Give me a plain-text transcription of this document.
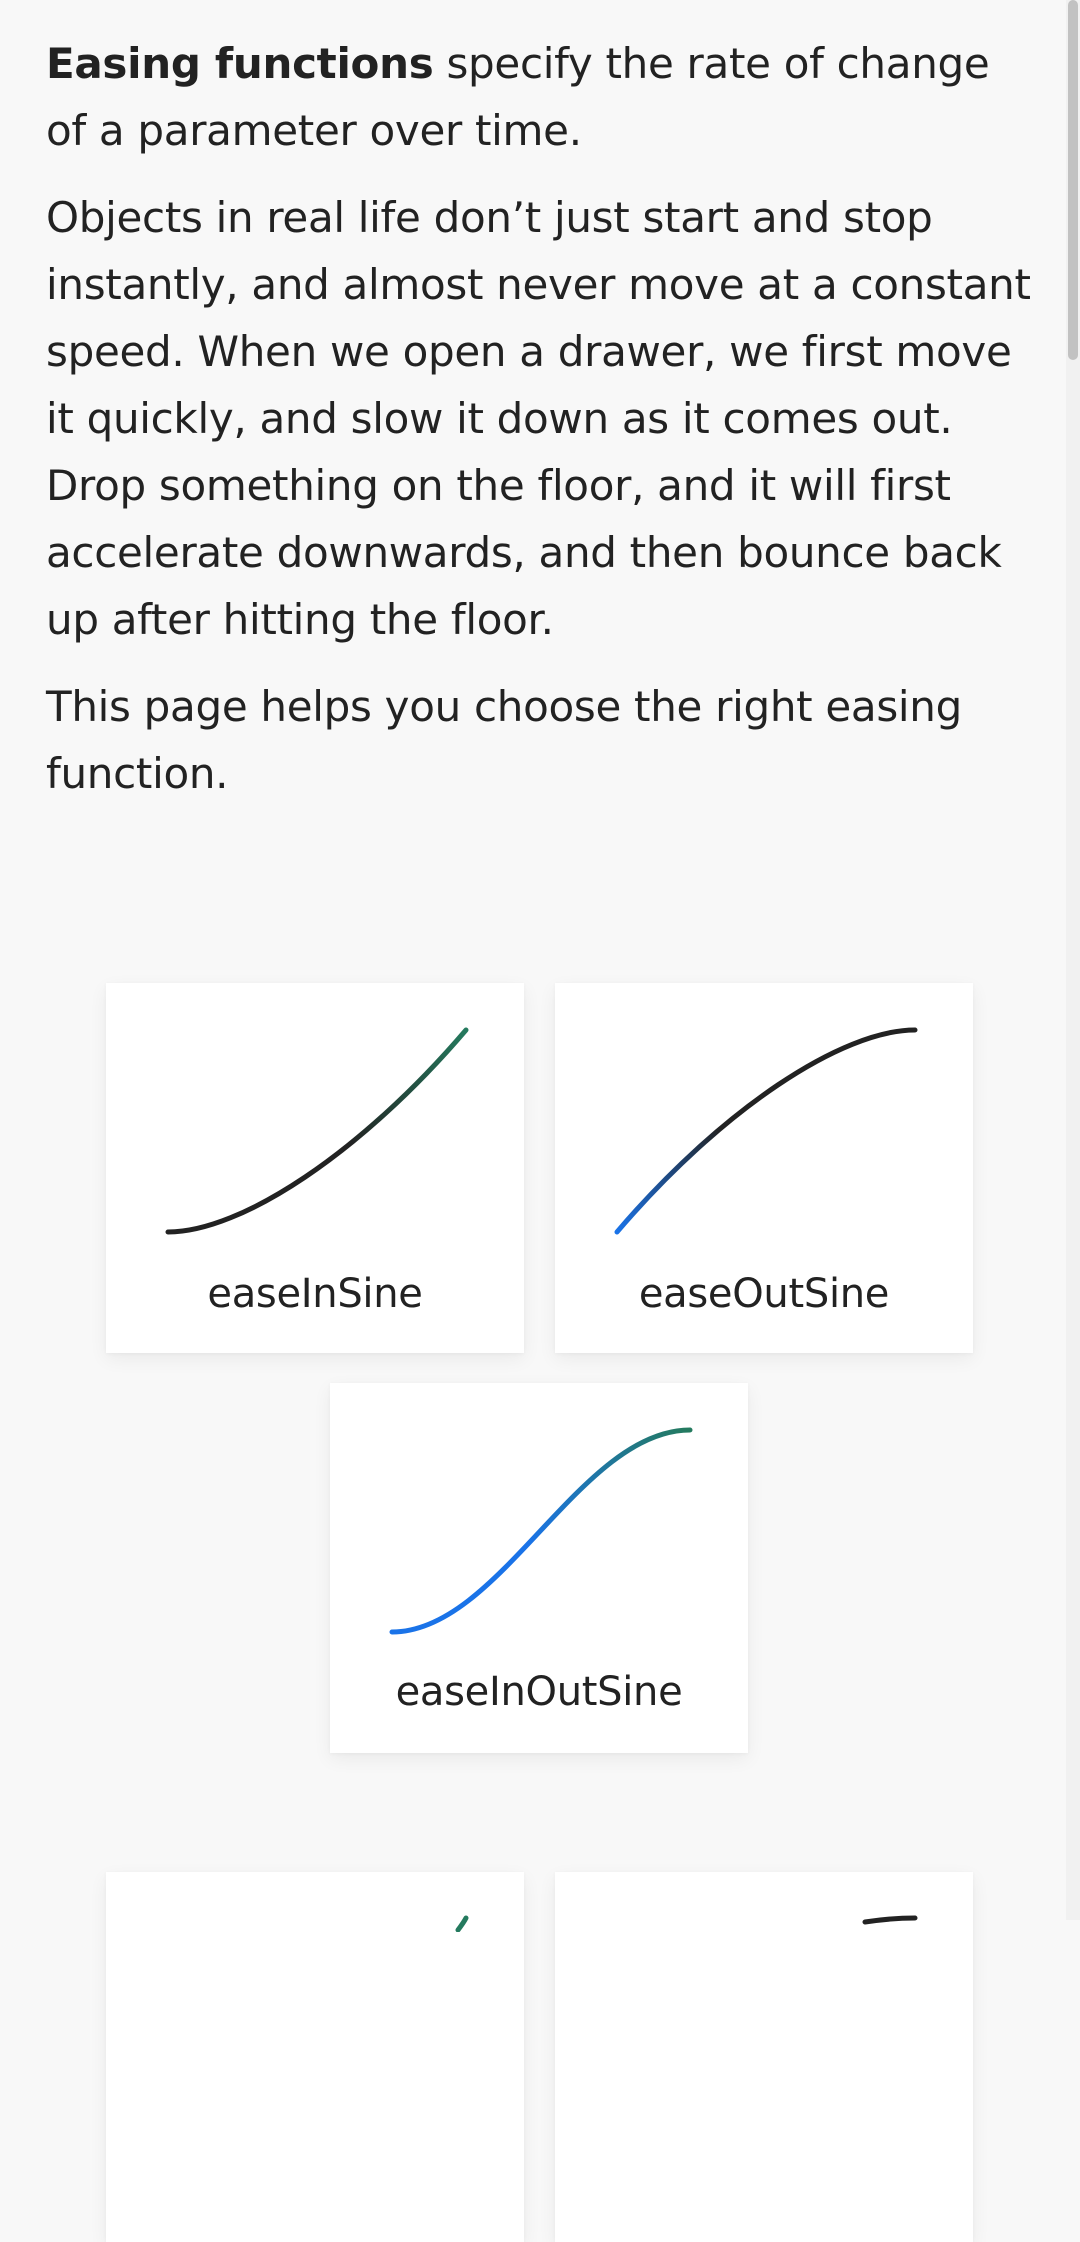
Easing functions specify the rate of change of a parameter over time.

Objects in real life don’t just start and stop instantly, and almost never move at a constant speed. When we open a drawer, we first move it quickly, and slow it down as it comes out. Drop something on the floor, and it will first accelerate downwards, and then bounce back up after hitting the floor.

This page helps you choose the right easing function.

easeInSine	easeOutSine
easeInOutSine
